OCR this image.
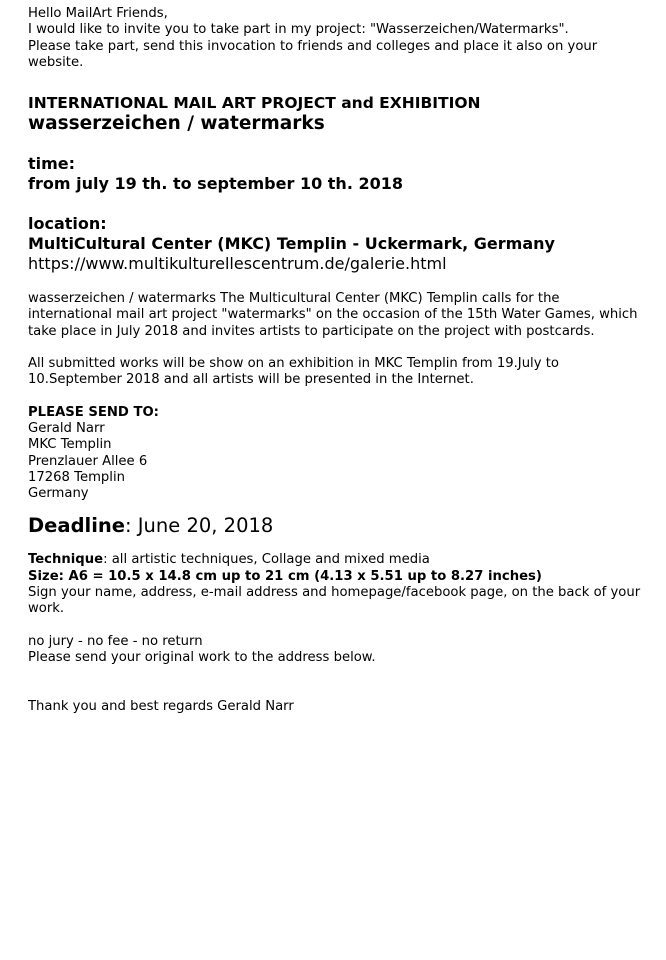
Hello MailArt Friends,
I would like to invite you to take part in my project: "Wasserzeichen/Watermarks".
Please take part, send this invocation to friends and colleges and place it also on your
website.
INTERNATIONAL MAIL ART PROJECT and EXHIBITION
wasserzeichen / watermarks
time:
from july 19 th. to september 10 th. 2018
location:
MultiCultural Center (MKC) Templin - Uckermark, Germany
https://www.multikulturellescentrum.de/galerie.html
wasserzeichen / watermarks The Multicultural Center (MKC) Templin calls for the
international mail art project "watermarks" on the occasion of the 15th Water Games, which
take place in July 2018 and invites artists to participate on the project with postcards.
All submitted works will be show on an exhibition in MKC Templin from 19.July to
10.September 2018 and all artists will be presented in the Internet.
PLEASE SEND TO:
Gerald Narr
MKC Templin
Prenzlauer Allee 6
17268 Templin
Germany
Deadline: June 20, 2018
Technique: all artistic techniques, Collage and mixed media
Size: A6 = 10.5 x 14.8 cm up to 21 cm (4.13 x 5.51 up to 8.27 inches)
Sign your name, address, e-mail address and homepage/facebook page, on the back of your
work.
no jury - no fee - no return
Please send your original work to the address below.
Thank you and best regards Gerald Narr
